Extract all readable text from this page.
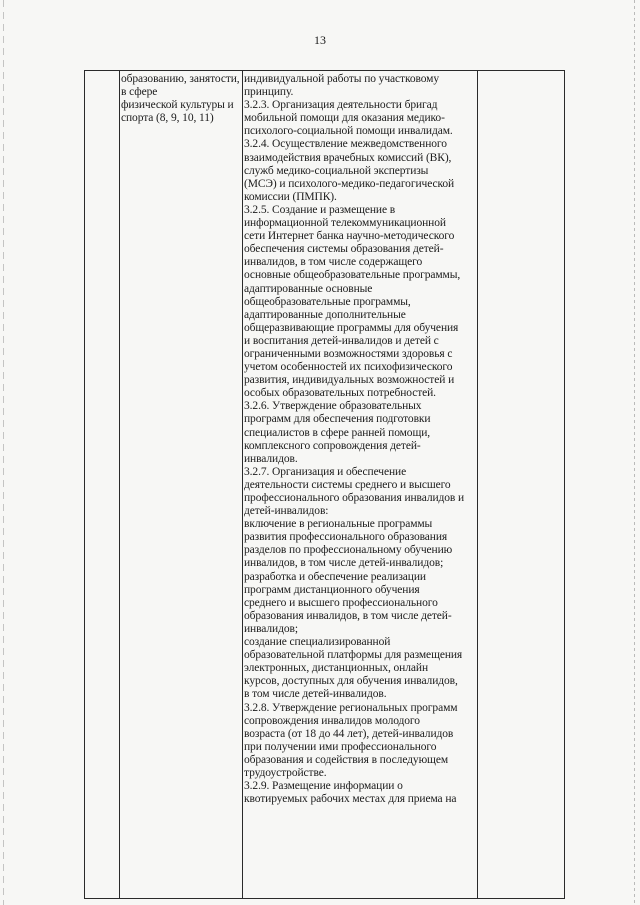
13
образованию, занятости,
в сфере
физической культуры и
спорта (8, 9, 10, 11)
индивидуальной работы по участковому
принципу.
3.2.3. Организация деятельности бригад
мобильной помощи для оказания медико-
психолого-социальной помощи инвалидам.
3.2.4. Осуществление межведомственного
взаимодействия врачебных комиссий (ВК),
служб медико-социальной экспертизы
(МСЭ) и психолого-медико-педагогической
комиссии (ПМПК).
3.2.5. Создание и размещение в
информационной телекоммуникационной
сети Интернет банка научно-методического
обеспечения системы образования детей-
инвалидов, в том числе содержащего
основные общеобразовательные программы,
адаптированные основные
общеобразовательные программы,
адаптированные дополнительные
общеразвивающие программы для обучения
и воспитания детей-инвалидов и детей с
ограниченными возможностями здоровья с
учетом особенностей их психофизического
развития, индивидуальных возможностей и
особых образовательных потребностей.
3.2.6. Утверждение образовательных
программ для обеспечения подготовки
специалистов в сфере ранней помощи,
комплексного сопровождения детей-
инвалидов.
3.2.7. Организация и обеспечение
деятельности системы среднего и высшего
профессионального образования инвалидов и
детей-инвалидов:
включение в региональные программы
развития профессионального образования
разделов по профессиональному обучению
инвалидов, в том числе детей-инвалидов;
разработка и обеспечение реализации
программ дистанционного обучения
среднего и высшего профессионального
образования инвалидов, в том числе детей-
инвалидов;
создание специализированной
образовательной платформы для размещения
электронных, дистанционных, онлайн
курсов, доступных для обучения инвалидов,
в том числе детей-инвалидов.
3.2.8. Утверждение региональных программ
сопровождения инвалидов молодого
возраста (от 18 до 44 лет), детей-инвалидов
при получении ими профессионального
образования и содействия в последующем
трудоустройстве.
3.2.9. Размещение информации о
квотируемых рабочих местах для приема на
